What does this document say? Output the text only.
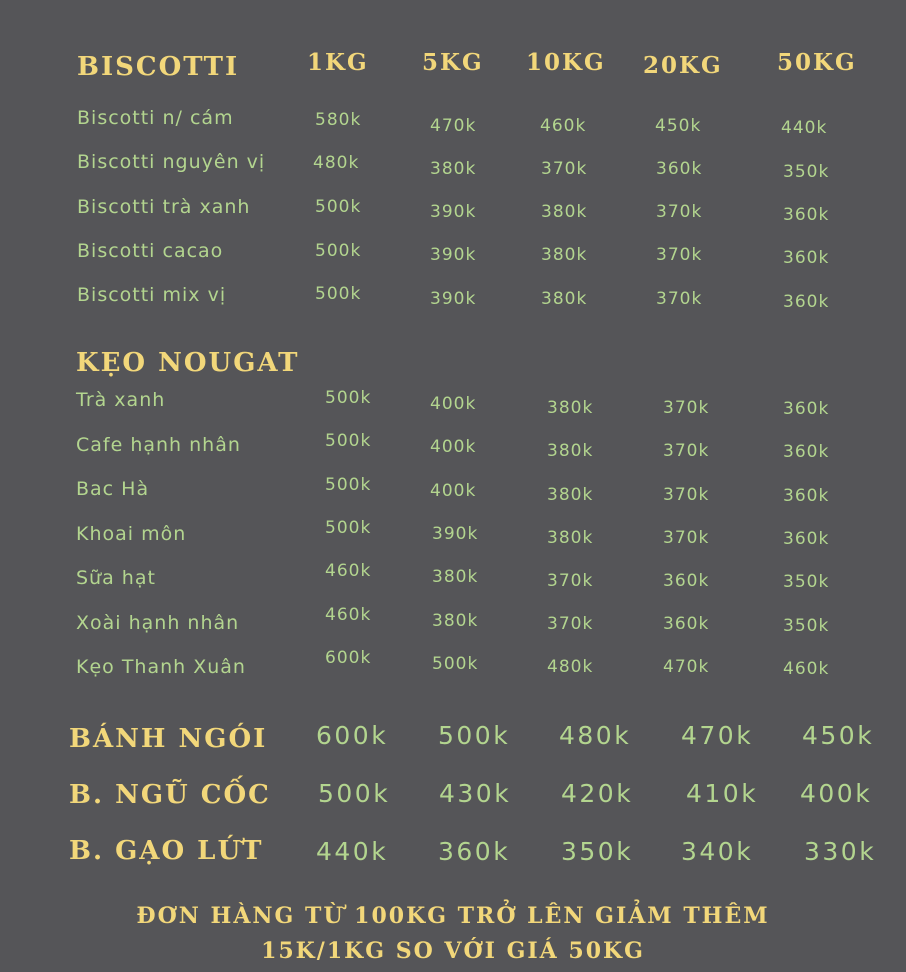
BISCOTTI	1KG 5KG 10KG 20KG 50KG
Biscotti n/ cám	580k	470k	460k	450k	440k
Biscotti nguyên vị	480k	380k	370k	360k	350k
Biscotti trà xanh	500k	390k	380k	370k	360k
Biscotti cacao	500k	390k	380k	370k	360k
Biscotti mix vị	500k	390k	380k	370k	360k
KẸO NOUGAT
Trà xanh	500k	400k	380k	370k	360k
Cafe hạnh nhân	500k	400k	380k	370k	360k
Bac Hà	500k	400k	380k	370k	360k
Khoai môn	500k	390k	380k	370k	360k
Sữa hạt	460k	380k	370k	360k	350k
Xoài hạnh nhân	460k	380k	370k	360k	350k
Kẹo Thanh Xuân	600k	500k	480k	470k	460k
BÁNH NGÓI 600k 500k 480k 470k 450k
B. NGŨ CỐC 500k 430k 420k 410k 400k
B. GẠO LỨT 440k 360k 350k 340k 330k
ĐƠN HÀNG TỪ 100KG TRỞ LÊN GIẢM THÊM
15K/1KG SO VỚI GIÁ 50KG
